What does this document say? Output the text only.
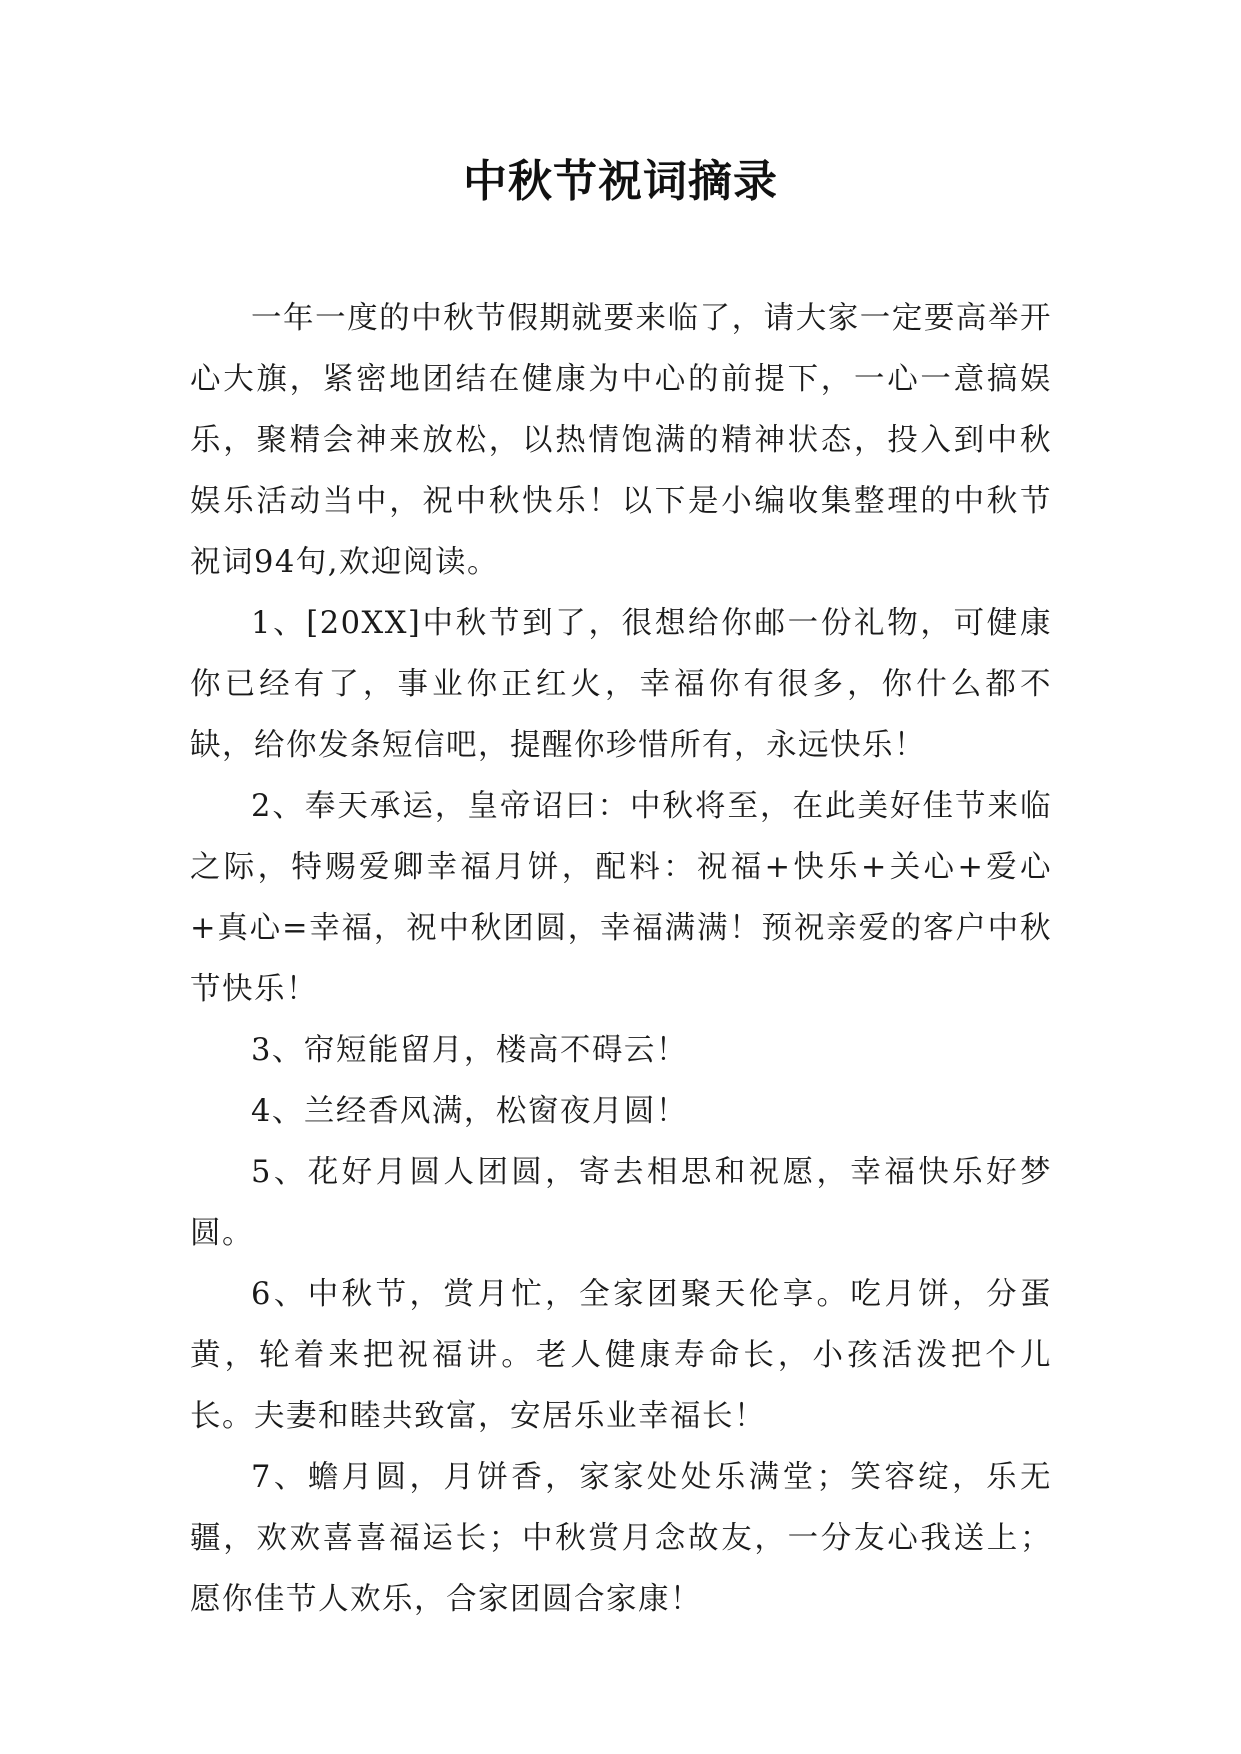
中秋节祝词摘录

一年一度的中秋节假期就要来临了，请大家一定要高举开心大旗，紧密地团结在健康为中心的前提下，一心一意搞娱乐，聚精会神来放松，以热情饱满的精神状态，投入到中秋娱乐活动当中，祝中秋快乐！以下是小编收集整理的中秋节祝词94句,欢迎阅读。

1、[20XX]中秋节到了，很想给你邮一份礼物，可健康你已经有了，事业你正红火，幸福你有很多，你什么都不缺，给你发条短信吧，提醒你珍惜所有，永远快乐！

2、奉天承运，皇帝诏曰：中秋将至，在此美好佳节来临之际，特赐爱卿幸福月饼，配料：祝福+快乐+关心+爱心+真心=幸福，祝中秋团圆，幸福满满！预祝亲爱的客户中秋节快乐！

3、帘短能留月，楼高不碍云！

4、兰经香风满，松窗夜月圆！

5、花好月圆人团圆，寄去相思和祝愿，幸福快乐好梦圆。

6、中秋节，赏月忙，全家团聚天伦享。吃月饼，分蛋黄，轮着来把祝福讲。老人健康寿命长，小孩活泼把个儿长。夫妻和睦共致富，安居乐业幸福长！

7、蟾月圆，月饼香，家家处处乐满堂；笑容绽，乐无疆，欢欢喜喜福运长；中秋赏月念故友，一分友心我送上；愿你佳节人欢乐，合家团圆合家康！
